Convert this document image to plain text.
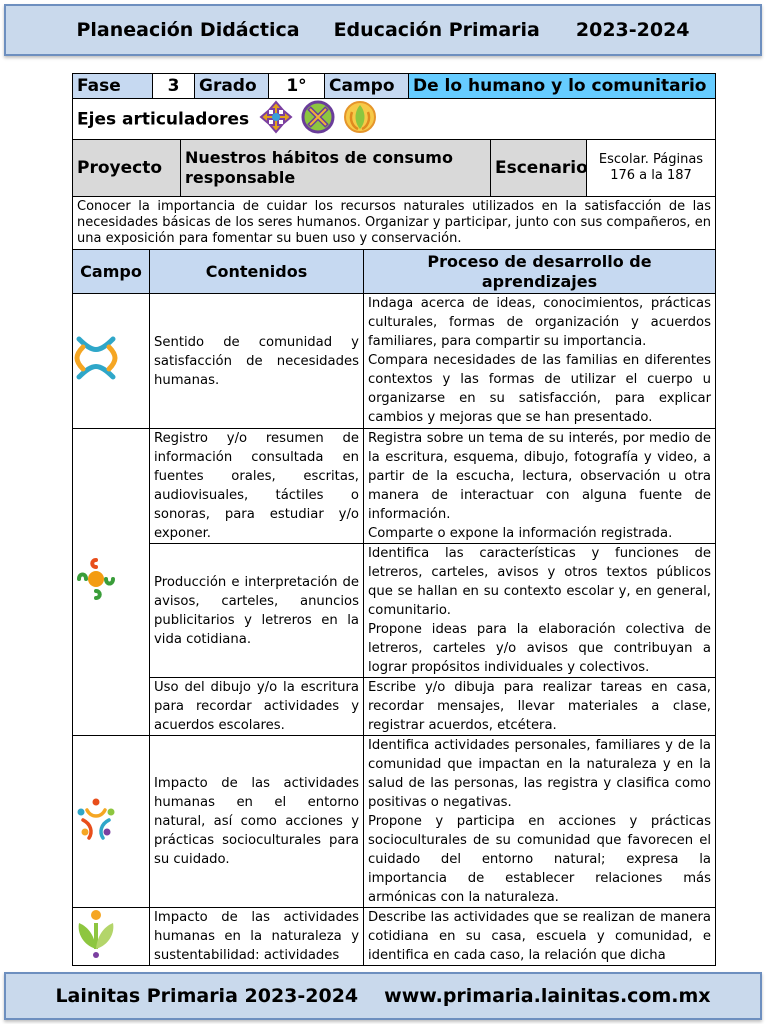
Planeación Didáctica Educación Primaria 2023-2024
Fase	3	Grado	1°	Campo	De lo humano y lo comunitario
Ejes articuladores
Proyecto	Nuestros hábitos de consumo responsable	Escenario	Escolar. Páginas 176 a la 187
Conocer la importancia de cuidar los recursos naturales utilizados en la satisfacción de las necesidades básicas de los seres humanos. Organizar y participar, junto con sus compañeros, en una exposición para fomentar su buen uso y conservación.
Campo	Contenidos	Proceso de desarrollo de aprendizajes
	Sentido de comunidad y satisfacción de necesidades humanas.	Indaga acerca de ideas, conocimientos, prácticas culturales, formas de organización y acuerdos familiares, para compartir su importancia.

Compara necesidades de las familias en diferentes contextos y las formas de utilizar el cuerpo u organizarse en su satisfacción, para explicar cambios y mejoras que se han presentado.

	Registro y/o resumen de información consultada en fuentes orales, escritas, audiovisuales, táctiles o sonoras, para estudiar y/o exponer.	Registra sobre un tema de su interés, por medio de la escritura, esquema, dibujo, fotografía y video, a partir de la escucha, lectura, observación u otra manera de interactuar con alguna fuente de información.

Comparte o expone la información registrada.

	Producción e interpretación de avisos, carteles, anuncios publicitarios y letreros en la vida cotidiana.	Identifica las características y funciones de letreros, carteles, avisos y otros textos públicos que se hallan en su contexto escolar y, en general, comunitario.

Propone ideas para la elaboración colectiva de letreros, carteles y/o avisos que contribuyan a lograr propósitos individuales y colectivos.

	Uso del dibujo y/o la escritura para recordar actividades y acuerdos escolares.	Escribe y/o dibuja para realizar tareas en casa, recordar mensajes, llevar materiales a clase, registrar acuerdos, etcétera.

	Impacto de las actividades humanas en el entorno natural, así como acciones y prácticas socioculturales para su cuidado.	Identifica actividades personales, familiares y de la comunidad que impactan en la naturaleza y en la salud de las personas, las registra y clasifica como positivas o negativas.

Propone y participa en acciones y prácticas socioculturales de su comunidad que favorecen el cuidado del entorno natural; expresa la importancia de establecer relaciones más armónicas con la naturaleza.

	Impacto de las actividades humanas en la naturaleza y sustentabilidad: actividades	Describe las actividades que se realizan de manera cotidiana en su casa, escuela y comunidad, e identifica en cada caso, la relación que dicha

Lainitas Primaria 2023-2024 www.primaria.lainitas.com.mx
